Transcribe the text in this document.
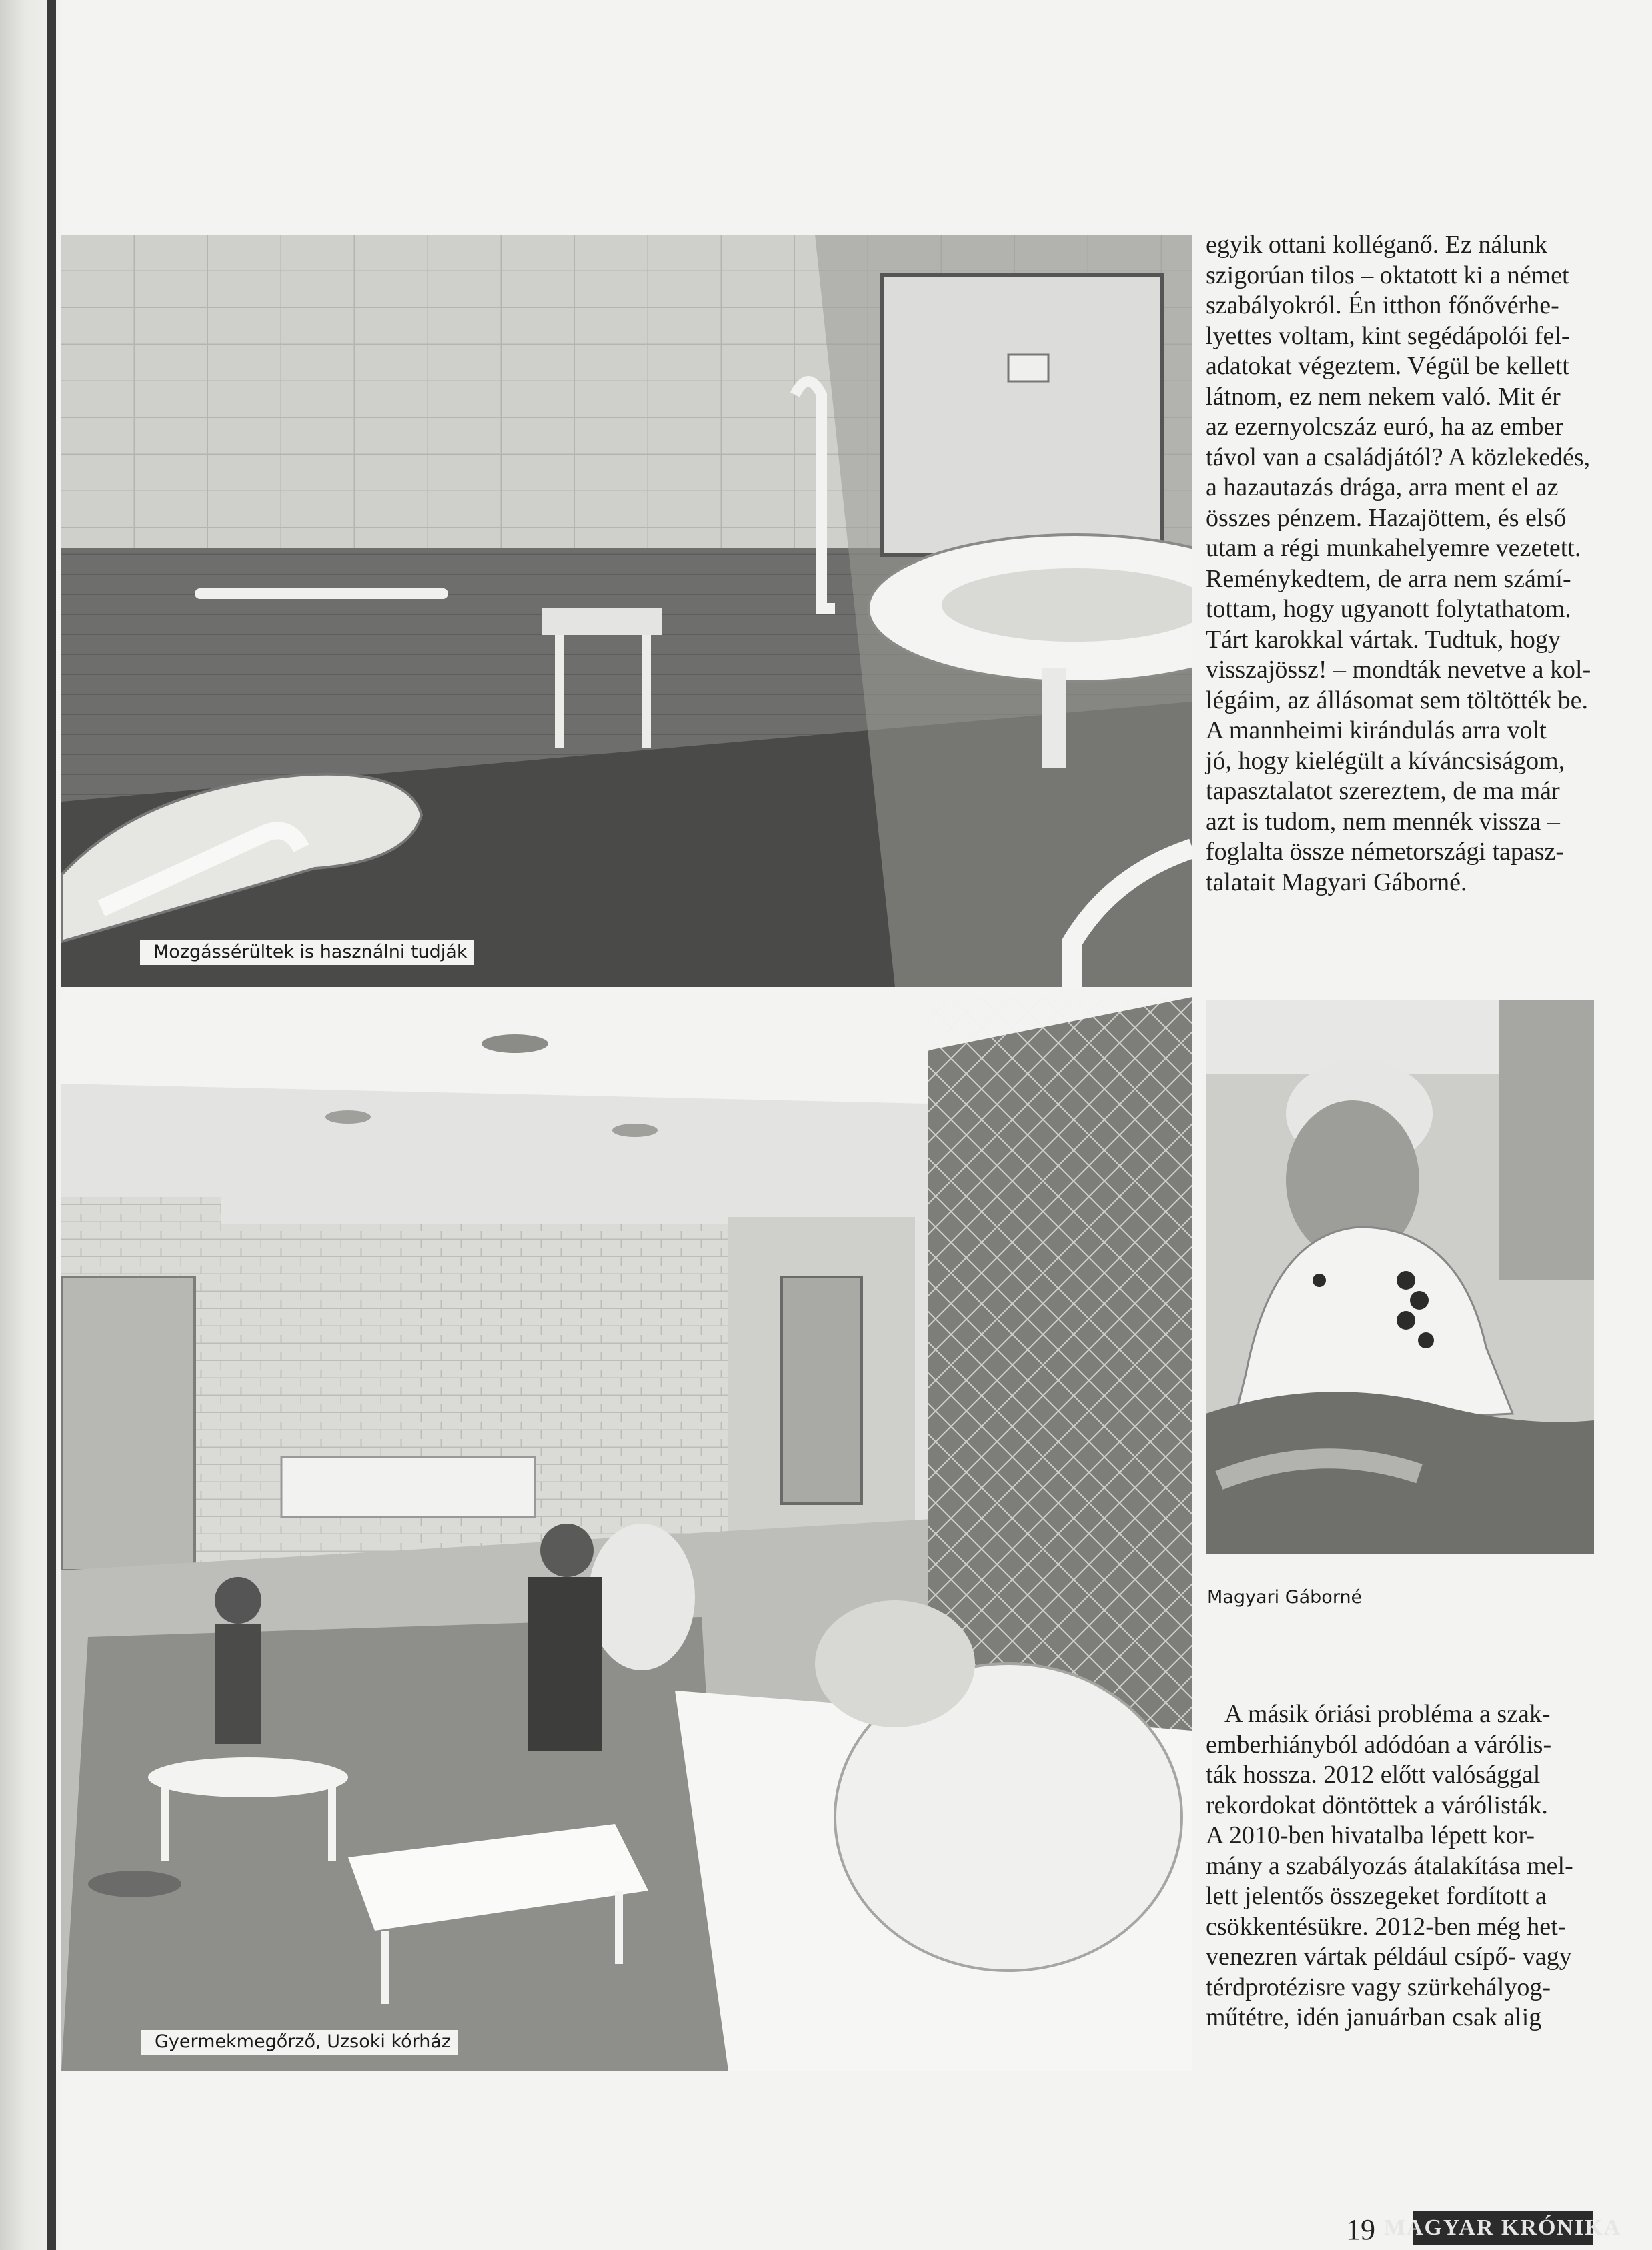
Mozgássérültek is használni tudják

egyik ottani kolléganő. Ez nálunk
szigorúan tilos – oktatott ki a német
szabályokról. Én itthon főnővérhe-
lyettes voltam, kint segédápolói fel-
adatokat végeztem. Végül be kellett
látnom, ez nem nekem való. Mit ér
az ezernyolcszáz euró, ha az ember
távol van a családjától? A közlekedés,
a hazautazás drága, arra ment el az
összes pénzem. Hazajöttem, és első
utam a régi munkahelyemre vezetett.
Reménykedtem, de arra nem számí-
tottam, hogy ugyanott folytathatom.
Tárt karokkal vártak. Tudtuk, hogy
visszajössz! – mondták nevetve a kol-
légáim, az állásomat sem töltötték be.
A mannheimi kirándulás arra volt
jó, hogy kielégült a kíváncsiságom,
tapasztalatot szereztem, de ma már
azt is tudom, nem mennék vissza –
foglalta össze németországi tapasz-
talatait Magyari Gáborné.

Gyermekmegőrző, Uzsoki kórház
Magyari Gáborné

A másik óriási probléma a szak-
emberhiányból adódóan a várólis-
ták hossza. 2012 előtt valósággal
rekordokat döntöttek a várólisták.
A 2010-ben hivatalba lépett kor-
mány a szabályozás átalakítása mel-
lett jelentős összegeket fordított a
csökkentésükre. 2012-ben még het-
venezren vártak például csípő- vagy
térdprotézisre vagy szürkehályog-
műtétre, idén januárban csak alig

19 MAGYAR KRÓNIKA
